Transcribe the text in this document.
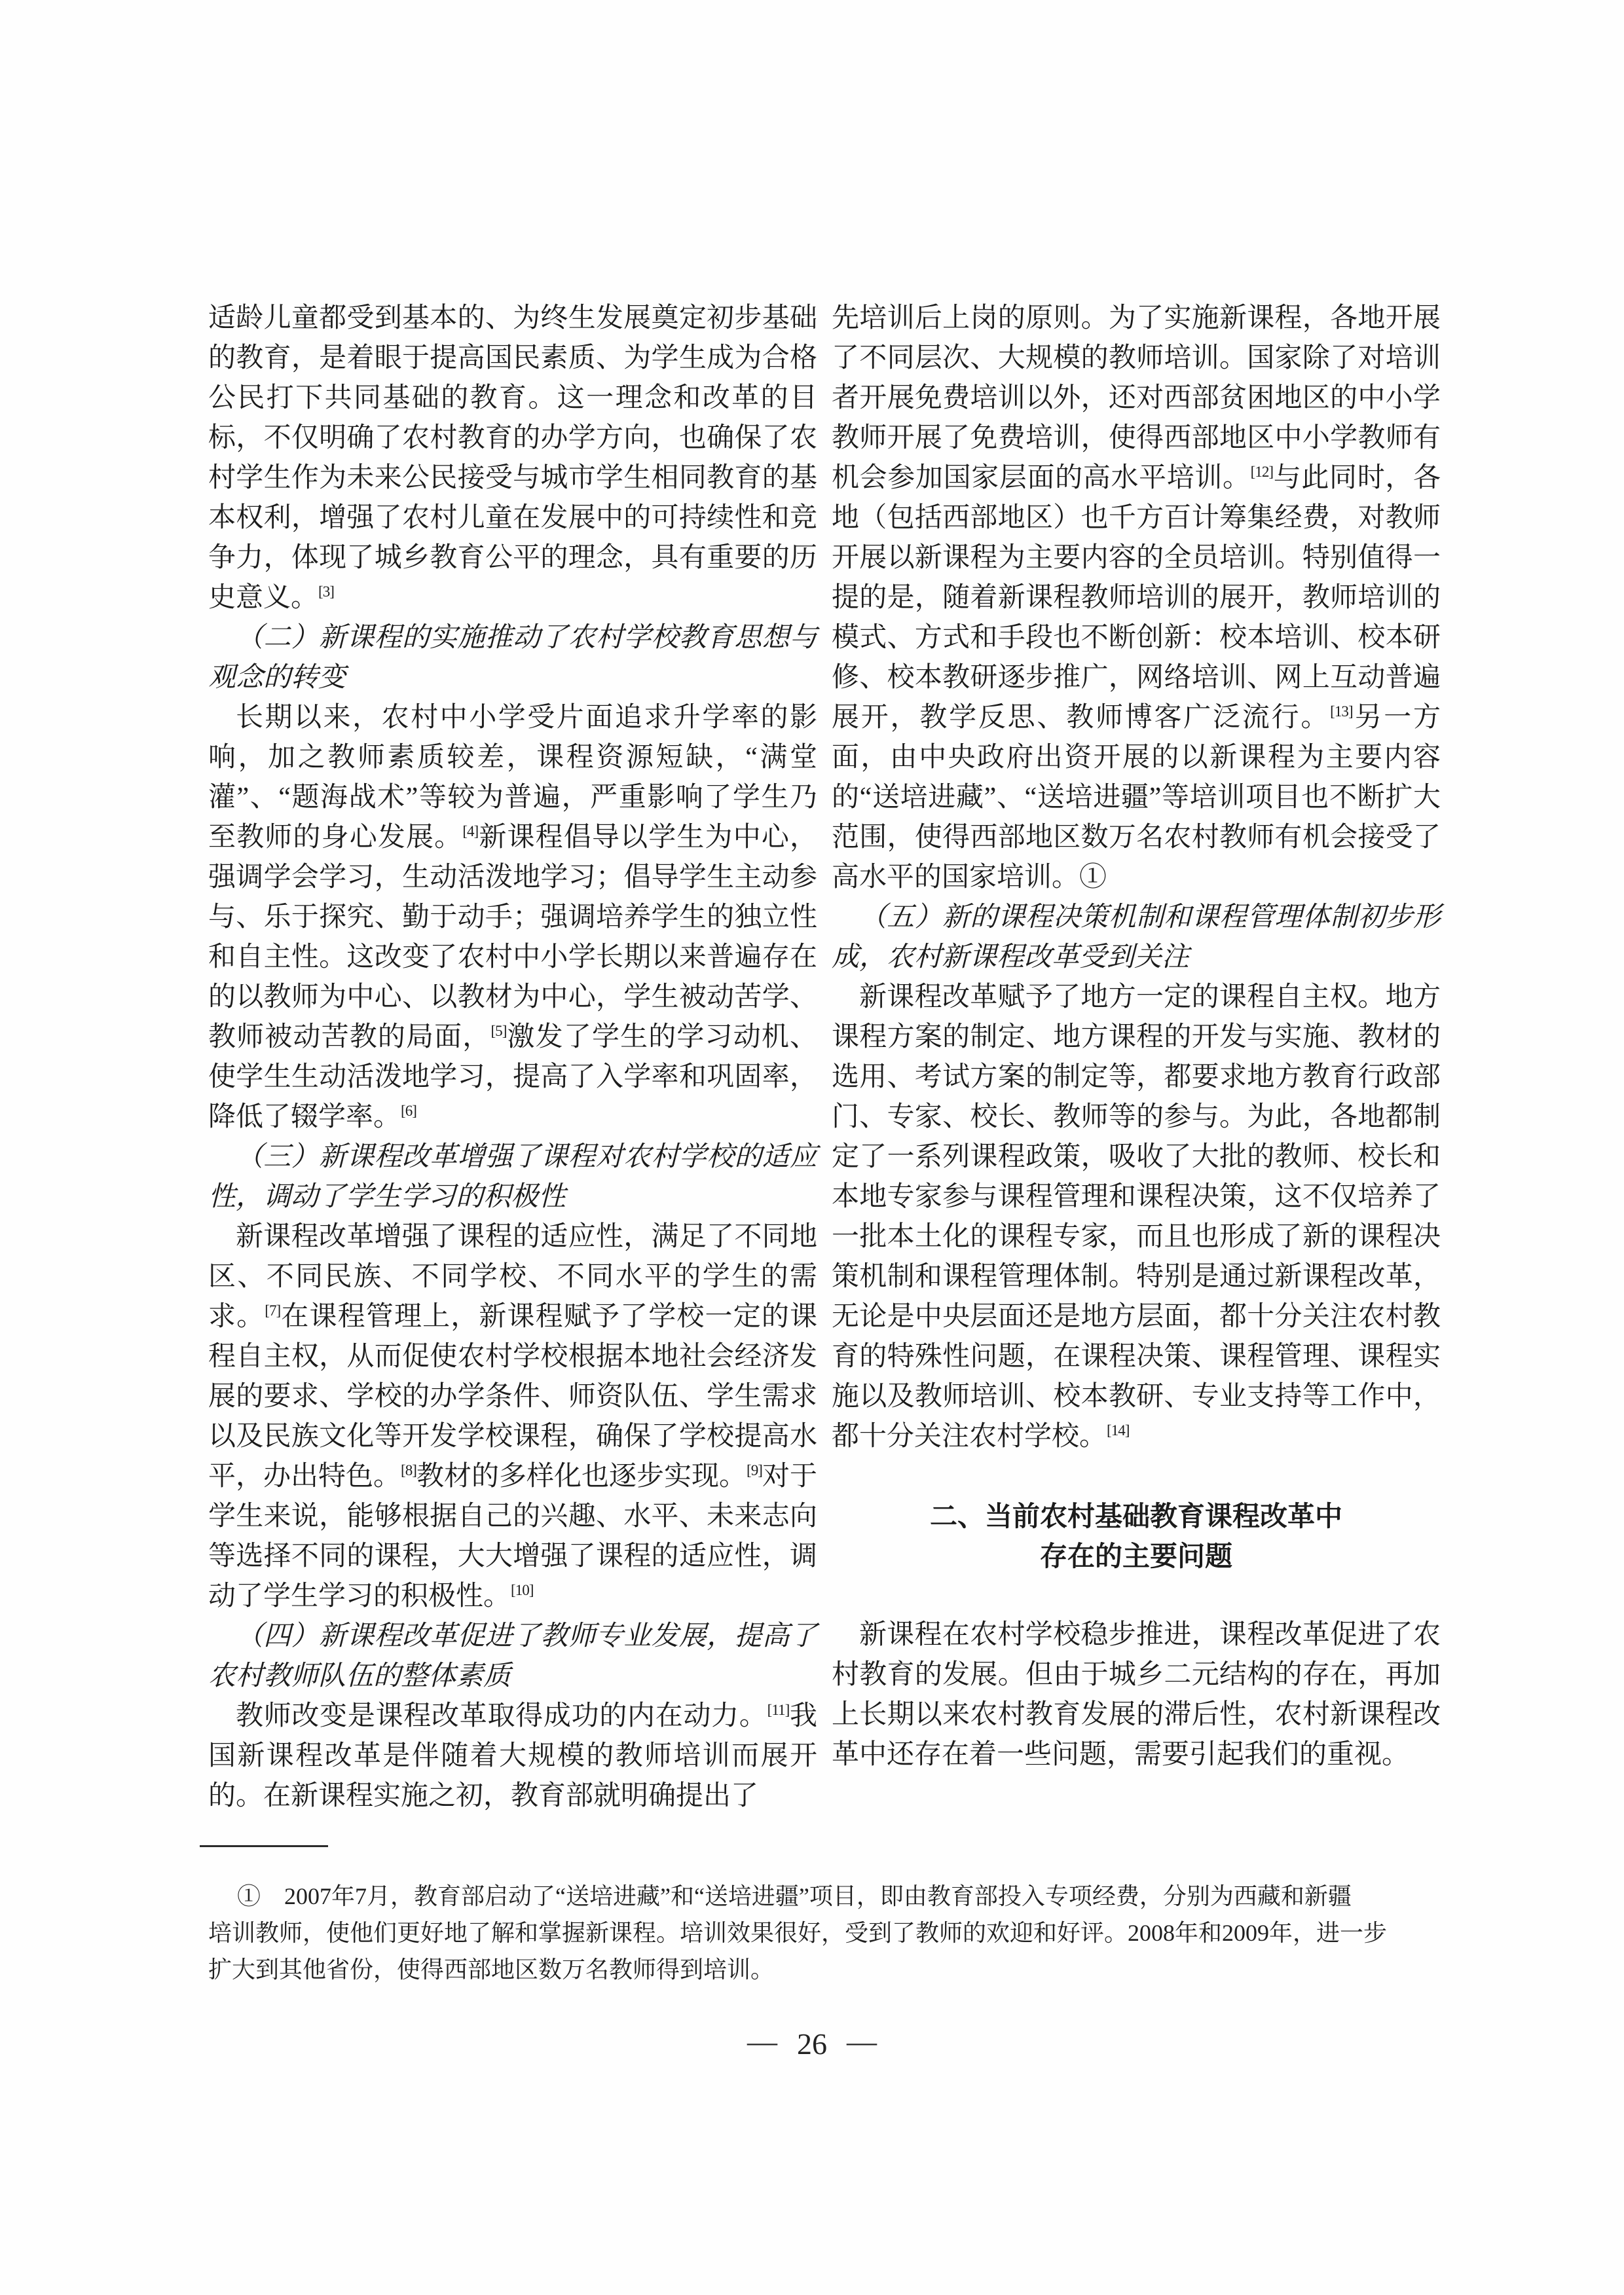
适龄儿童都受到基本的、为终生发展奠定初步基础的教育，是着眼于提高国民素质、为学生成为合格公民打下共同基础的教育。这一理念和改革的目标，不仅明确了农村教育的办学方向，也确保了农村学生作为未来公民接受与城市学生相同教育的基本权利，增强了农村儿童在发展中的可持续性和竞争力，体现了城乡教育公平的理念，具有重要的历史意义。[3]

（二）新课程的实施推动了农村学校教育思想与观念的转变

长期以来，农村中小学受片面追求升学率的影响，加之教师素质较差，课程资源短缺，“满堂灌”、“题海战术”等较为普遍，严重影响了学生乃至教师的身心发展。[4]新课程倡导以学生为中心，强调学会学习，生动活泼地学习；倡导学生主动参与、乐于探究、勤于动手；强调培养学生的独立性和自主性。这改变了农村中小学长期以来普遍存在的以教师为中心、以教材为中心，学生被动苦学、教师被动苦教的局面，[5]激发了学生的学习动机、使学生生动活泼地学习，提高了入学率和巩固率，降低了辍学率。[6]

（三）新课程改革增强了课程对农村学校的适应性，调动了学生学习的积极性

新课程改革增强了课程的适应性，满足了不同地区、不同民族、不同学校、不同水平的学生的需求。[7]在课程管理上，新课程赋予了学校一定的课程自主权，从而促使农村学校根据本地社会经济发展的要求、学校的办学条件、师资队伍、学生需求以及民族文化等开发学校课程，确保了学校提高水平，办出特色。[8]教材的多样化也逐步实现。[9]对于学生来说，能够根据自己的兴趣、水平、未来志向等选择不同的课程，大大增强了课程的适应性，调动了学生学习的积极性。[10]

（四）新课程改革促进了教师专业发展，提高了农村教师队伍的整体素质

教师改变是课程改革取得成功的内在动力。[11]我国新课程改革是伴随着大规模的教师培训而展开的。在新课程实施之初，教育部就明确提出了

先培训后上岗的原则。为了实施新课程，各地开展了不同层次、大规模的教师培训。国家除了对培训者开展免费培训以外，还对西部贫困地区的中小学教师开展了免费培训，使得西部地区中小学教师有机会参加国家层面的高水平培训。[12]与此同时，各地（包括西部地区）也千方百计筹集经费，对教师开展以新课程为主要内容的全员培训。特别值得一提的是，随着新课程教师培训的展开，教师培训的模式、方式和手段也不断创新：校本培训、校本研修、校本教研逐步推广，网络培训、网上互动普遍展开，教学反思、教师博客广泛流行。[13]另一方面，由中央政府出资开展的以新课程为主要内容的“送培进藏”、“送培进疆”等培训项目也不断扩大范围，使得西部地区数万名农村教师有机会接受了高水平的国家培训。①

（五）新的课程决策机制和课程管理体制初步形成，农村新课程改革受到关注

新课程改革赋予了地方一定的课程自主权。地方课程方案的制定、地方课程的开发与实施、教材的选用、考试方案的制定等，都要求地方教育行政部门、专家、校长、教师等的参与。为此，各地都制定了一系列课程政策，吸收了大批的教师、校长和本地专家参与课程管理和课程决策，这不仅培养了一批本土化的课程专家，而且也形成了新的课程决策机制和课程管理体制。特别是通过新课程改革，无论是中央层面还是地方层面，都十分关注农村教育的特殊性问题，在课程决策、课程管理、课程实施以及教师培训、校本教研、专业支持等工作中，都十分关注农村学校。[14]

二、当前农村基础教育课程改革中
存在的主要问题

新课程在农村学校稳步推进，课程改革促进了农村教育的发展。但由于城乡二元结构的存在，再加上长期以来农村教育发展的滞后性，农村新课程改革中还存在着一些问题，需要引起我们的重视。

①　2007年7月，教育部启动了“送培进藏”和“送培进疆”项目，即由教育部投入专项经费，分别为西藏和新疆
培训教师，使他们更好地了解和掌握新课程。培训效果很好，受到了教师的欢迎和好评。2008年和2009年，进一步
扩大到其他省份，使得西部地区数万名教师得到培训。
— 26 —
